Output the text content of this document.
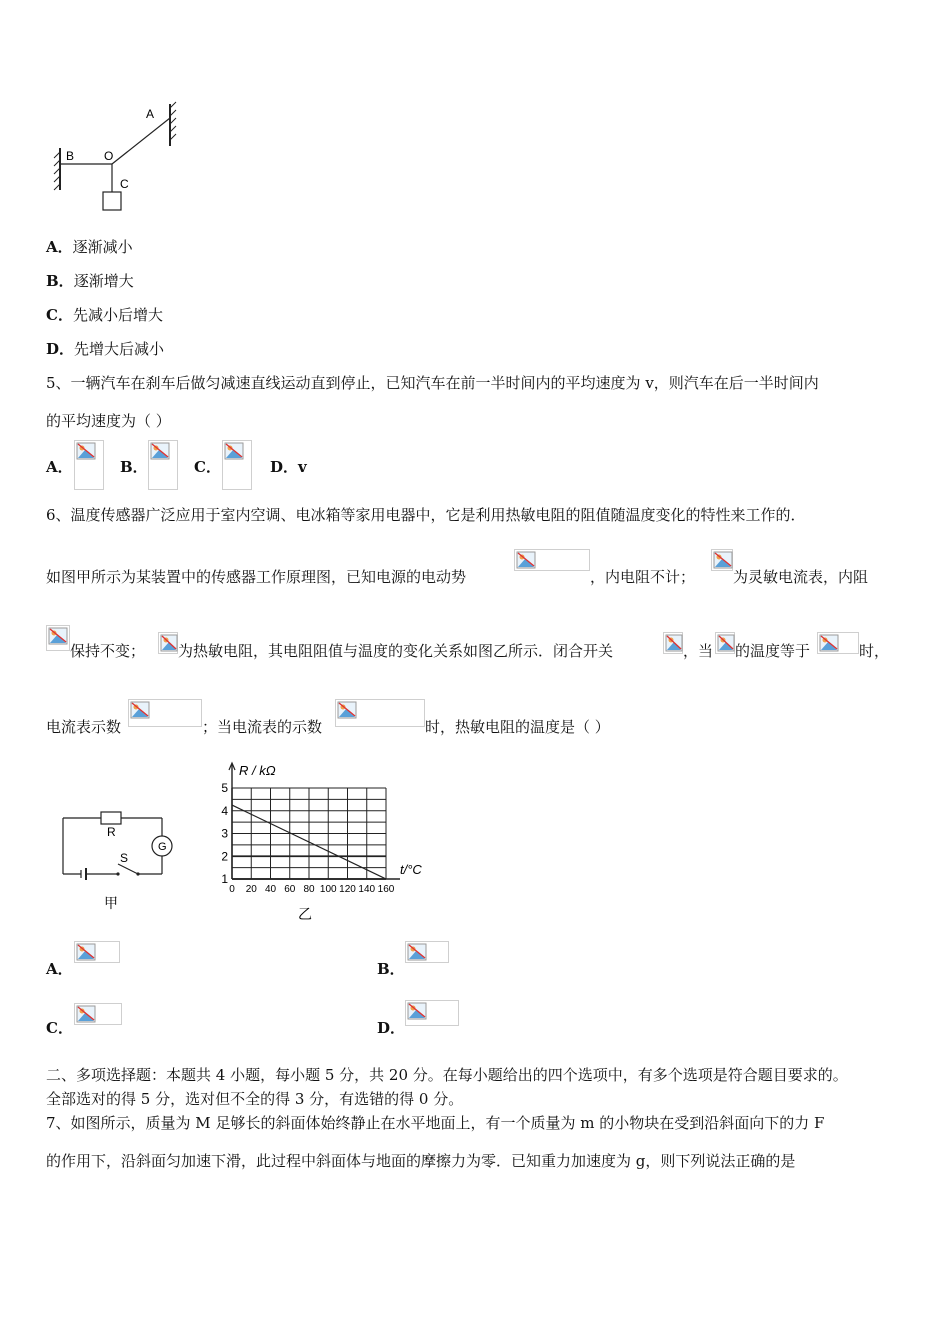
A
B O
C
A．逐渐减小
B．逐渐增大
C．先减小后增大
D．先增大后减小
5、一辆汽车在刹车后做匀减速直线运动直到停止，已知汽车在前一半时间内的平均速度为 v，则汽车在后一半时间内
的平均速度为（ ）
A．	B．	C．	D．v
6、温度传感器广泛应用于室内空调、电冰箱等家用电器中，它是利用热敏电阻的阻值随温度变化的特性来工作的．
如图甲所示为某装置中的传感器工作原理图，已知电源的电动势	，内电阻不计；	为灵敏电流表，内阻
保持不变； 为热敏电阻，其电阻阻值与温度的变化关系如图乙所示．闭合开关	，当 的温度等于	时，
电流表示数	；当电流表的示数	时，热敏电阻的温度是（ ）
R
S
G
甲
0 20 40 60 80 100 120 140 160
1
2
3
4
5
R / kΩ
t/°C
乙
A．	B．
C．	D．
二、多项选择题：本题共 4 小题，每小题 5 分，共 20 分。在每小题给出的四个选项中，有多个选项是符合题目要求的。
全部选对的得 5 分，选对但不全的得 3 分，有选错的得 0 分。
7、如图所示，质量为 M 足够长的斜面体始终静止在水平地面上，有一个质量为 m 的小物块在受到沿斜面向下的力 F
的作用下，沿斜面匀加速下滑，此过程中斜面体与地面的摩擦力为零．已知重力加速度为 g，则下列说法正确的是
